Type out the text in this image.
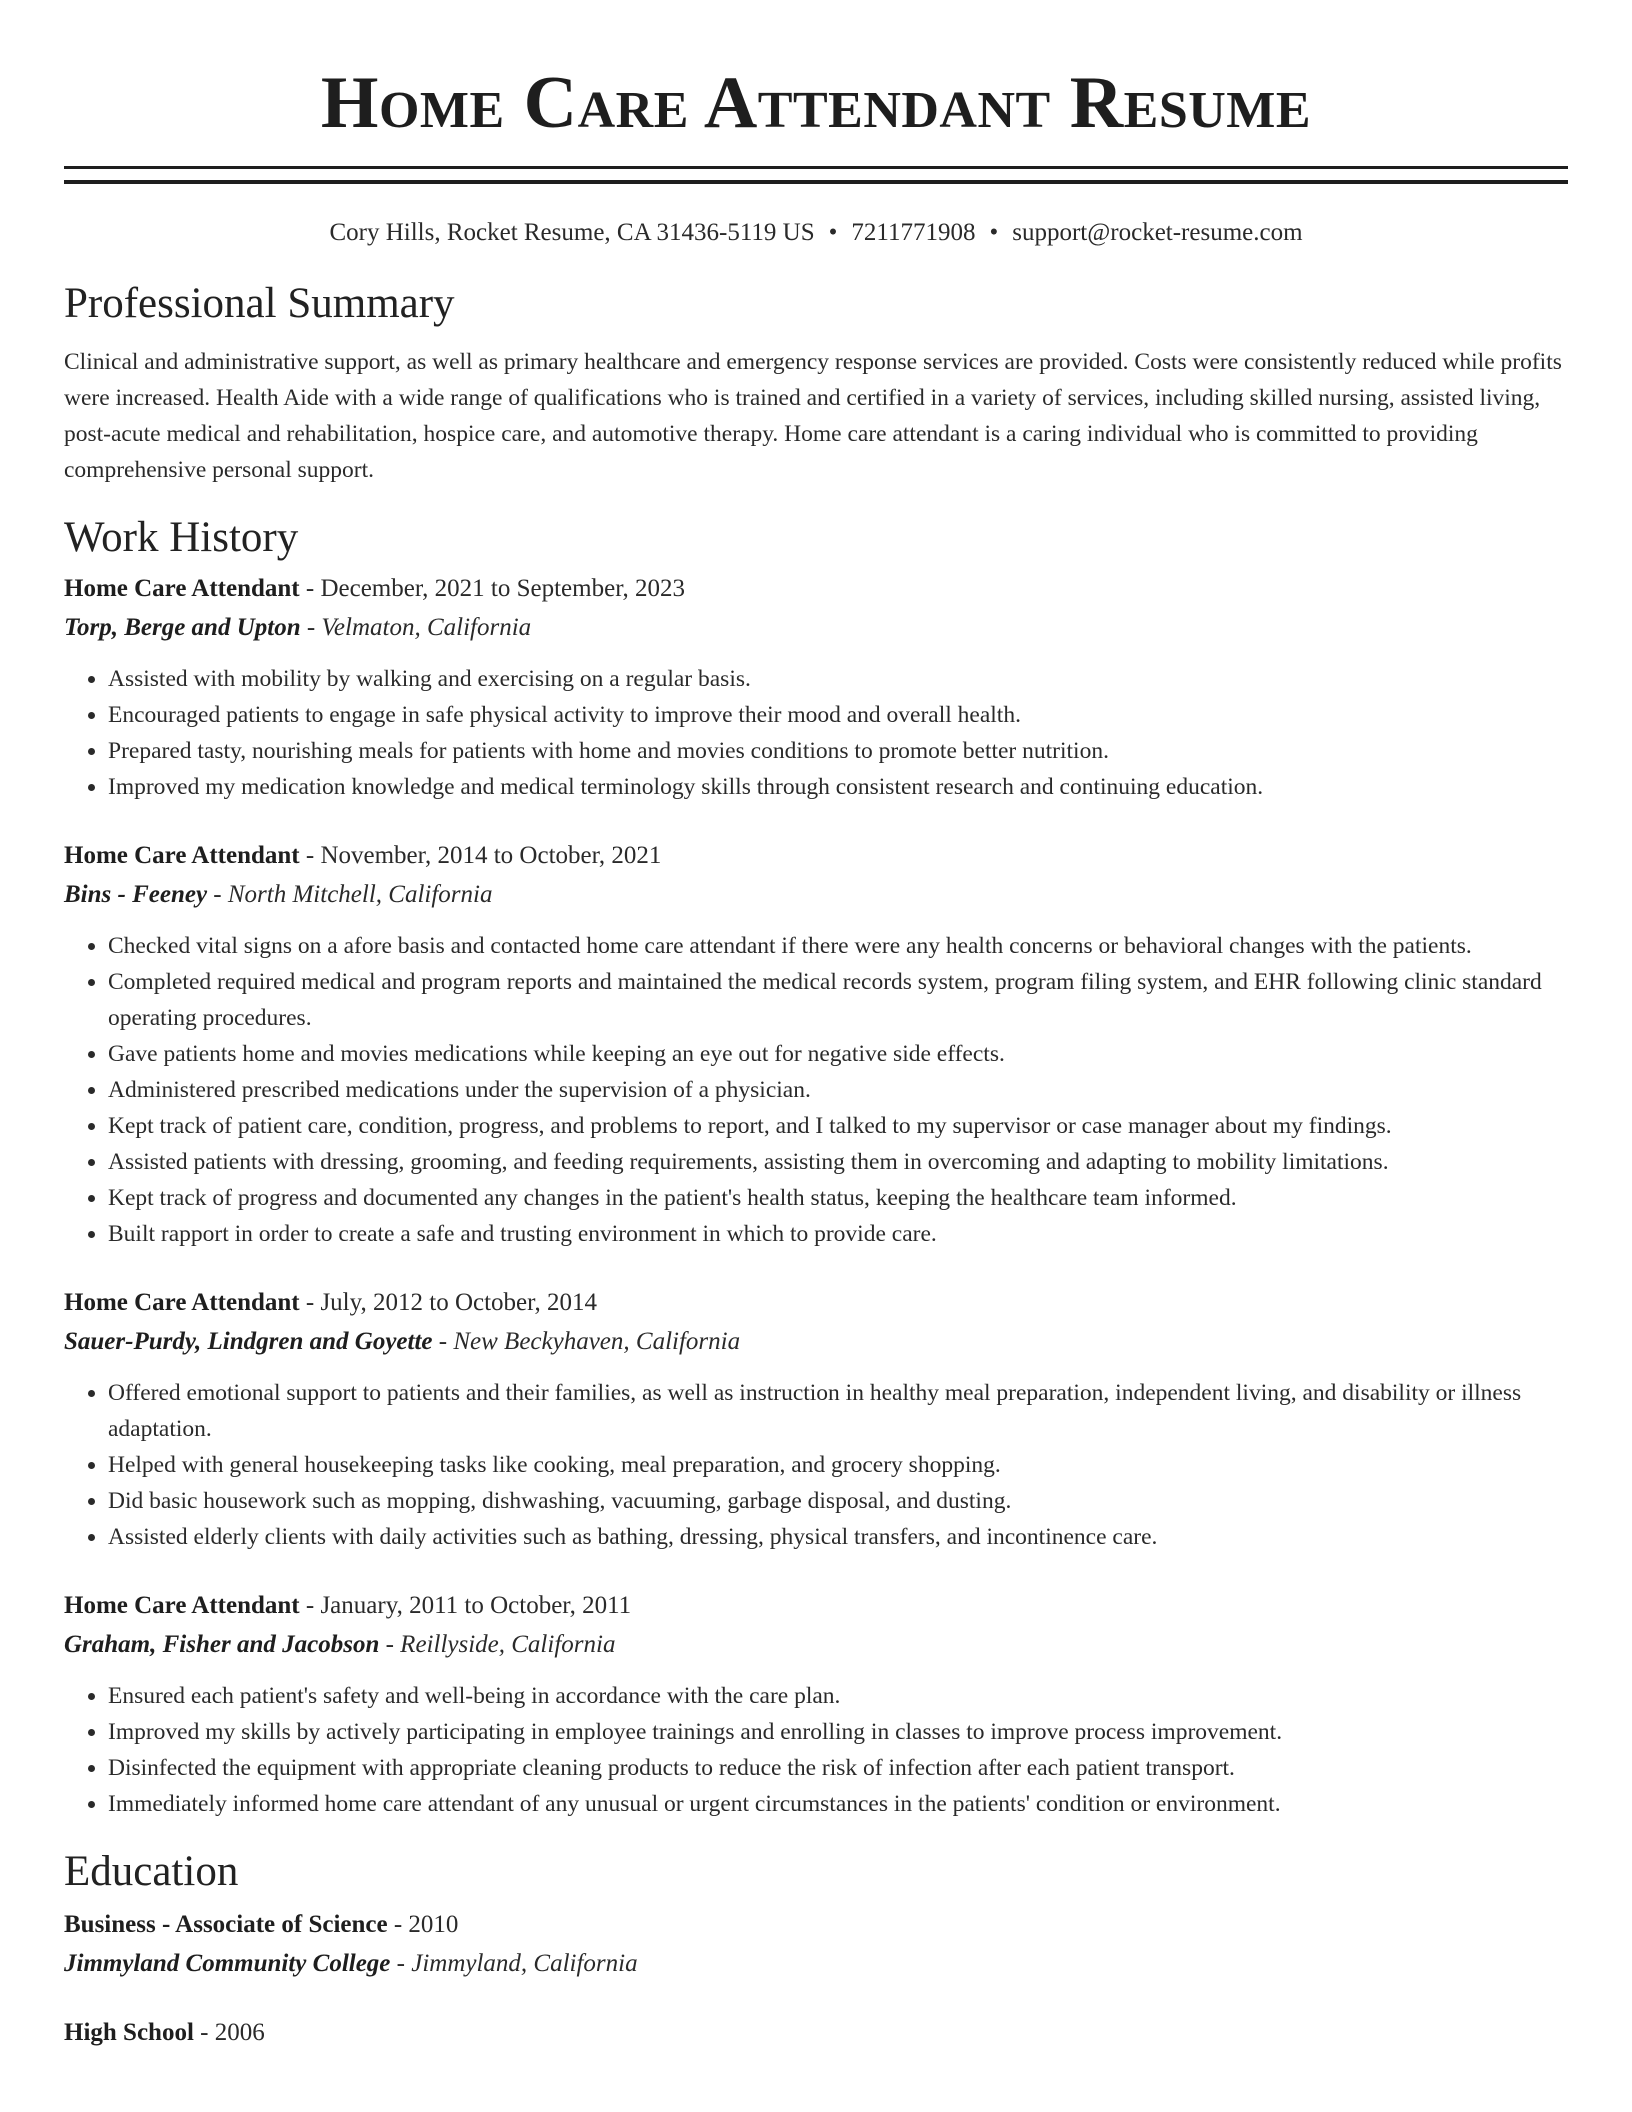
Home Care Attendant Resume
Cory Hills, Rocket Resume, CA 31436-5119 US • 7211771908 • support@rocket-resume.com
Professional Summary
Clinical and administrative support, as well as primary healthcare and emergency response services are provided. Costs were consistently reduced while profits were increased. Health Aide with a wide range of qualifications who is trained and certified in a variety of services, including skilled nursing, assisted living, post-acute medical and rehabilitation, hospice care, and automotive therapy. Home care attendant is a caring individual who is committed to providing comprehensive personal support.
Work History
Home Care Attendant - December, 2021 to September, 2023
Torp, Berge and Upton - Velmaton, California
• Assisted with mobility by walking and exercising on a regular basis.
• Encouraged patients to engage in safe physical activity to improve their mood and overall health.
• Prepared tasty, nourishing meals for patients with home and movies conditions to promote better nutrition.
• Improved my medication knowledge and medical terminology skills through consistent research and continuing education.
Home Care Attendant - November, 2014 to October, 2021
Bins - Feeney - North Mitchell, California
• Checked vital signs on a afore basis and contacted home care attendant if there were any health concerns or behavioral changes with the patients.
• Completed required medical and program reports and maintained the medical records system, program filing system, and EHR following clinic standard operating procedures.
• Gave patients home and movies medications while keeping an eye out for negative side effects.
• Administered prescribed medications under the supervision of a physician.
• Kept track of patient care, condition, progress, and problems to report, and I talked to my supervisor or case manager about my findings.
• Assisted patients with dressing, grooming, and feeding requirements, assisting them in overcoming and adapting to mobility limitations.
• Kept track of progress and documented any changes in the patient's health status, keeping the healthcare team informed.
• Built rapport in order to create a safe and trusting environment in which to provide care.
Home Care Attendant - July, 2012 to October, 2014
Sauer-Purdy, Lindgren and Goyette - New Beckyhaven, California
• Offered emotional support to patients and their families, as well as instruction in healthy meal preparation, independent living, and disability or illness adaptation.
• Helped with general housekeeping tasks like cooking, meal preparation, and grocery shopping.
• Did basic housework such as mopping, dishwashing, vacuuming, garbage disposal, and dusting.
• Assisted elderly clients with daily activities such as bathing, dressing, physical transfers, and incontinence care.
Home Care Attendant - January, 2011 to October, 2011
Graham, Fisher and Jacobson - Reillyside, California
• Ensured each patient's safety and well-being in accordance with the care plan.
• Improved my skills by actively participating in employee trainings and enrolling in classes to improve process improvement.
• Disinfected the equipment with appropriate cleaning products to reduce the risk of infection after each patient transport.
• Immediately informed home care attendant of any unusual or urgent circumstances in the patients' condition or environment.
Education
Business - Associate of Science - 2010
Jimmyland Community College - Jimmyland, California
High School - 2006
